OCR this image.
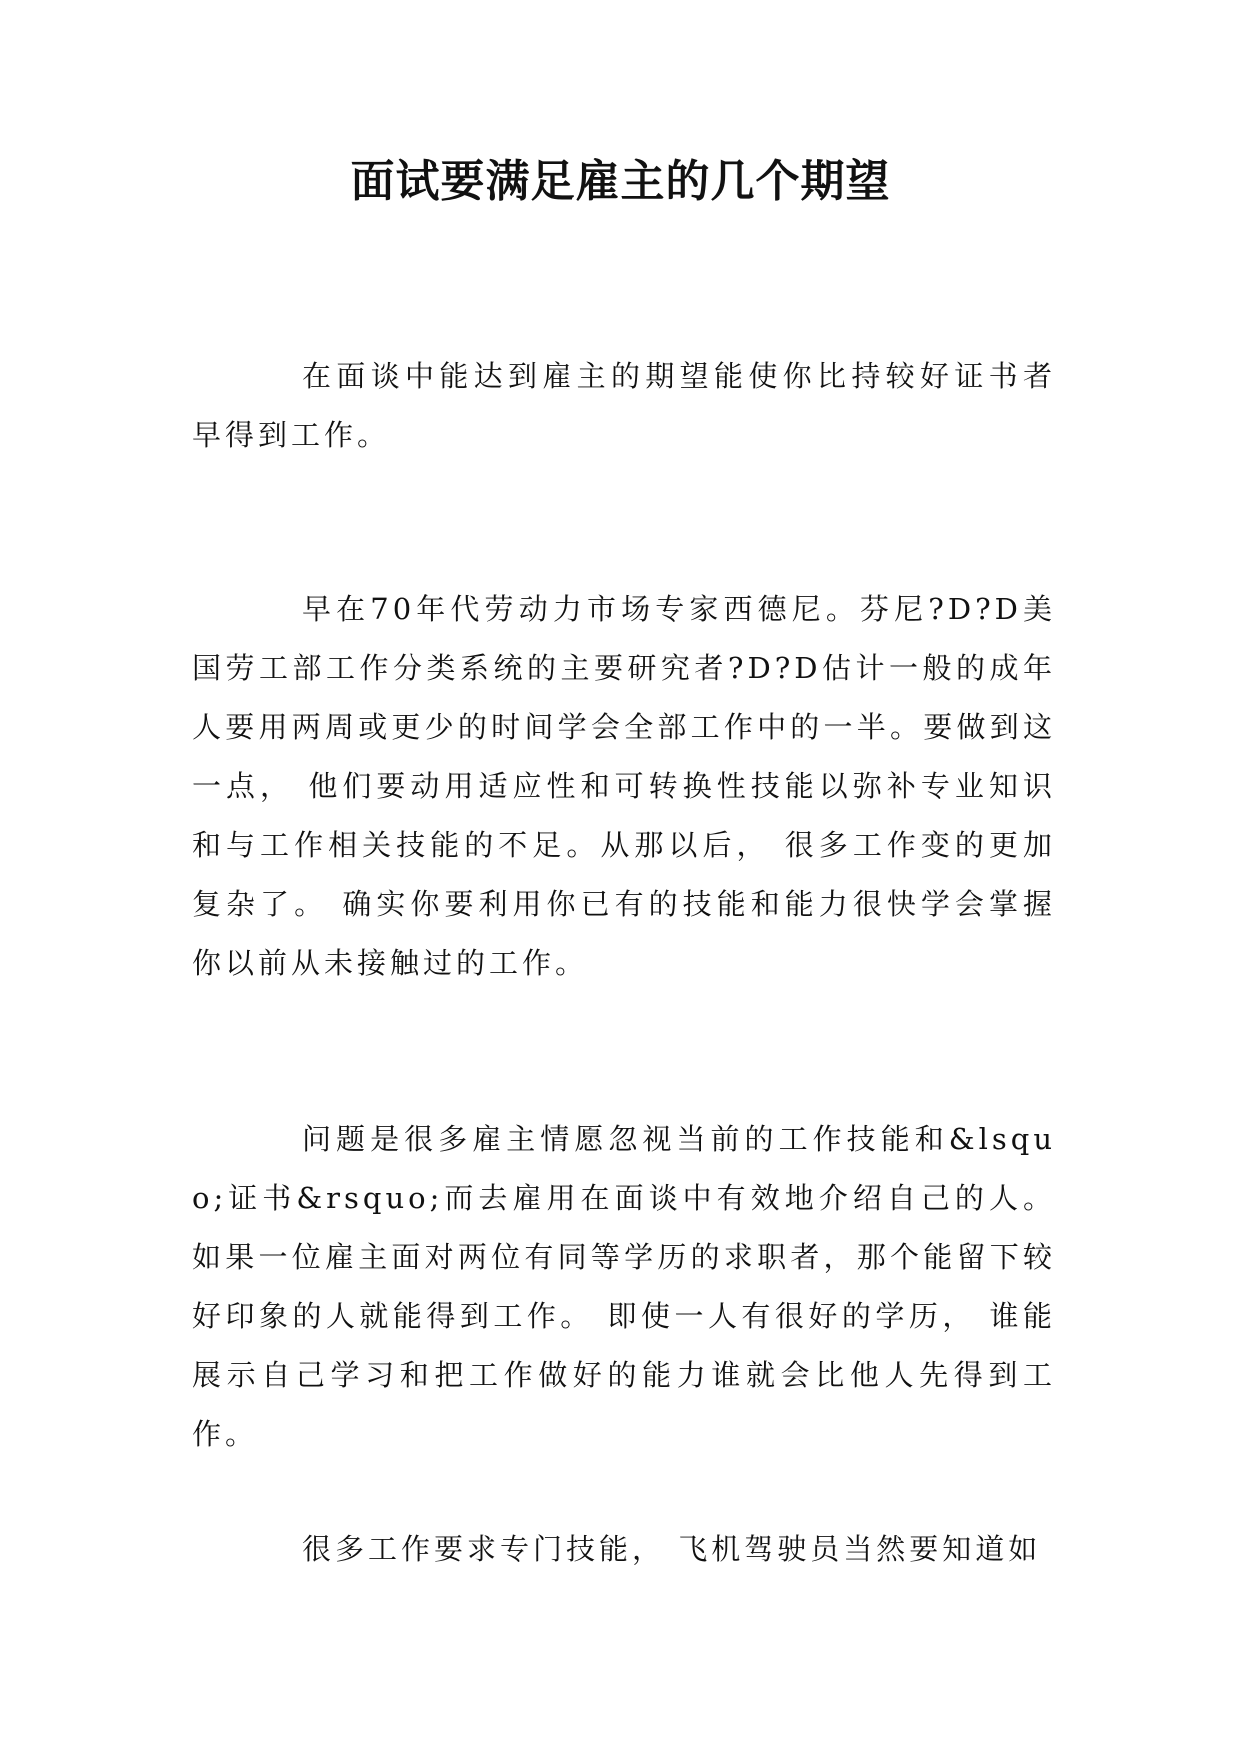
面试要满足雇主的几个期望

在面谈中能达到雇主的期望能使你比持较好证书者早得到工作。

早在70年代劳动力市场专家西德尼。芬尼?D?D美国劳工部工作分类系统的主要研究者?D?D估计一般的成年人要用两周或更少的时间学会全部工作中的一半。要做到这一点， 他们要动用适应性和可转换性技能以弥补专业知识和与工作相关技能的不足。从那以后， 很多工作变的更加复杂了。 确实你要利用你已有的技能和能力很快学会掌握你以前从未接触过的工作。

问题是很多雇主情愿忽视当前的工作技能和&lsquo;证书&rsquo;而去雇用在面谈中有效地介绍自己的人。 如果一位雇主面对两位有同等学历的求职者，那个能留下较好印象的人就能得到工作。 即使一人有很好的学历， 谁能展示自己学习和把工作做好的能力谁就会比他人先得到工作。

很多工作要求专门技能， 飞机驾驶员当然要知道如
